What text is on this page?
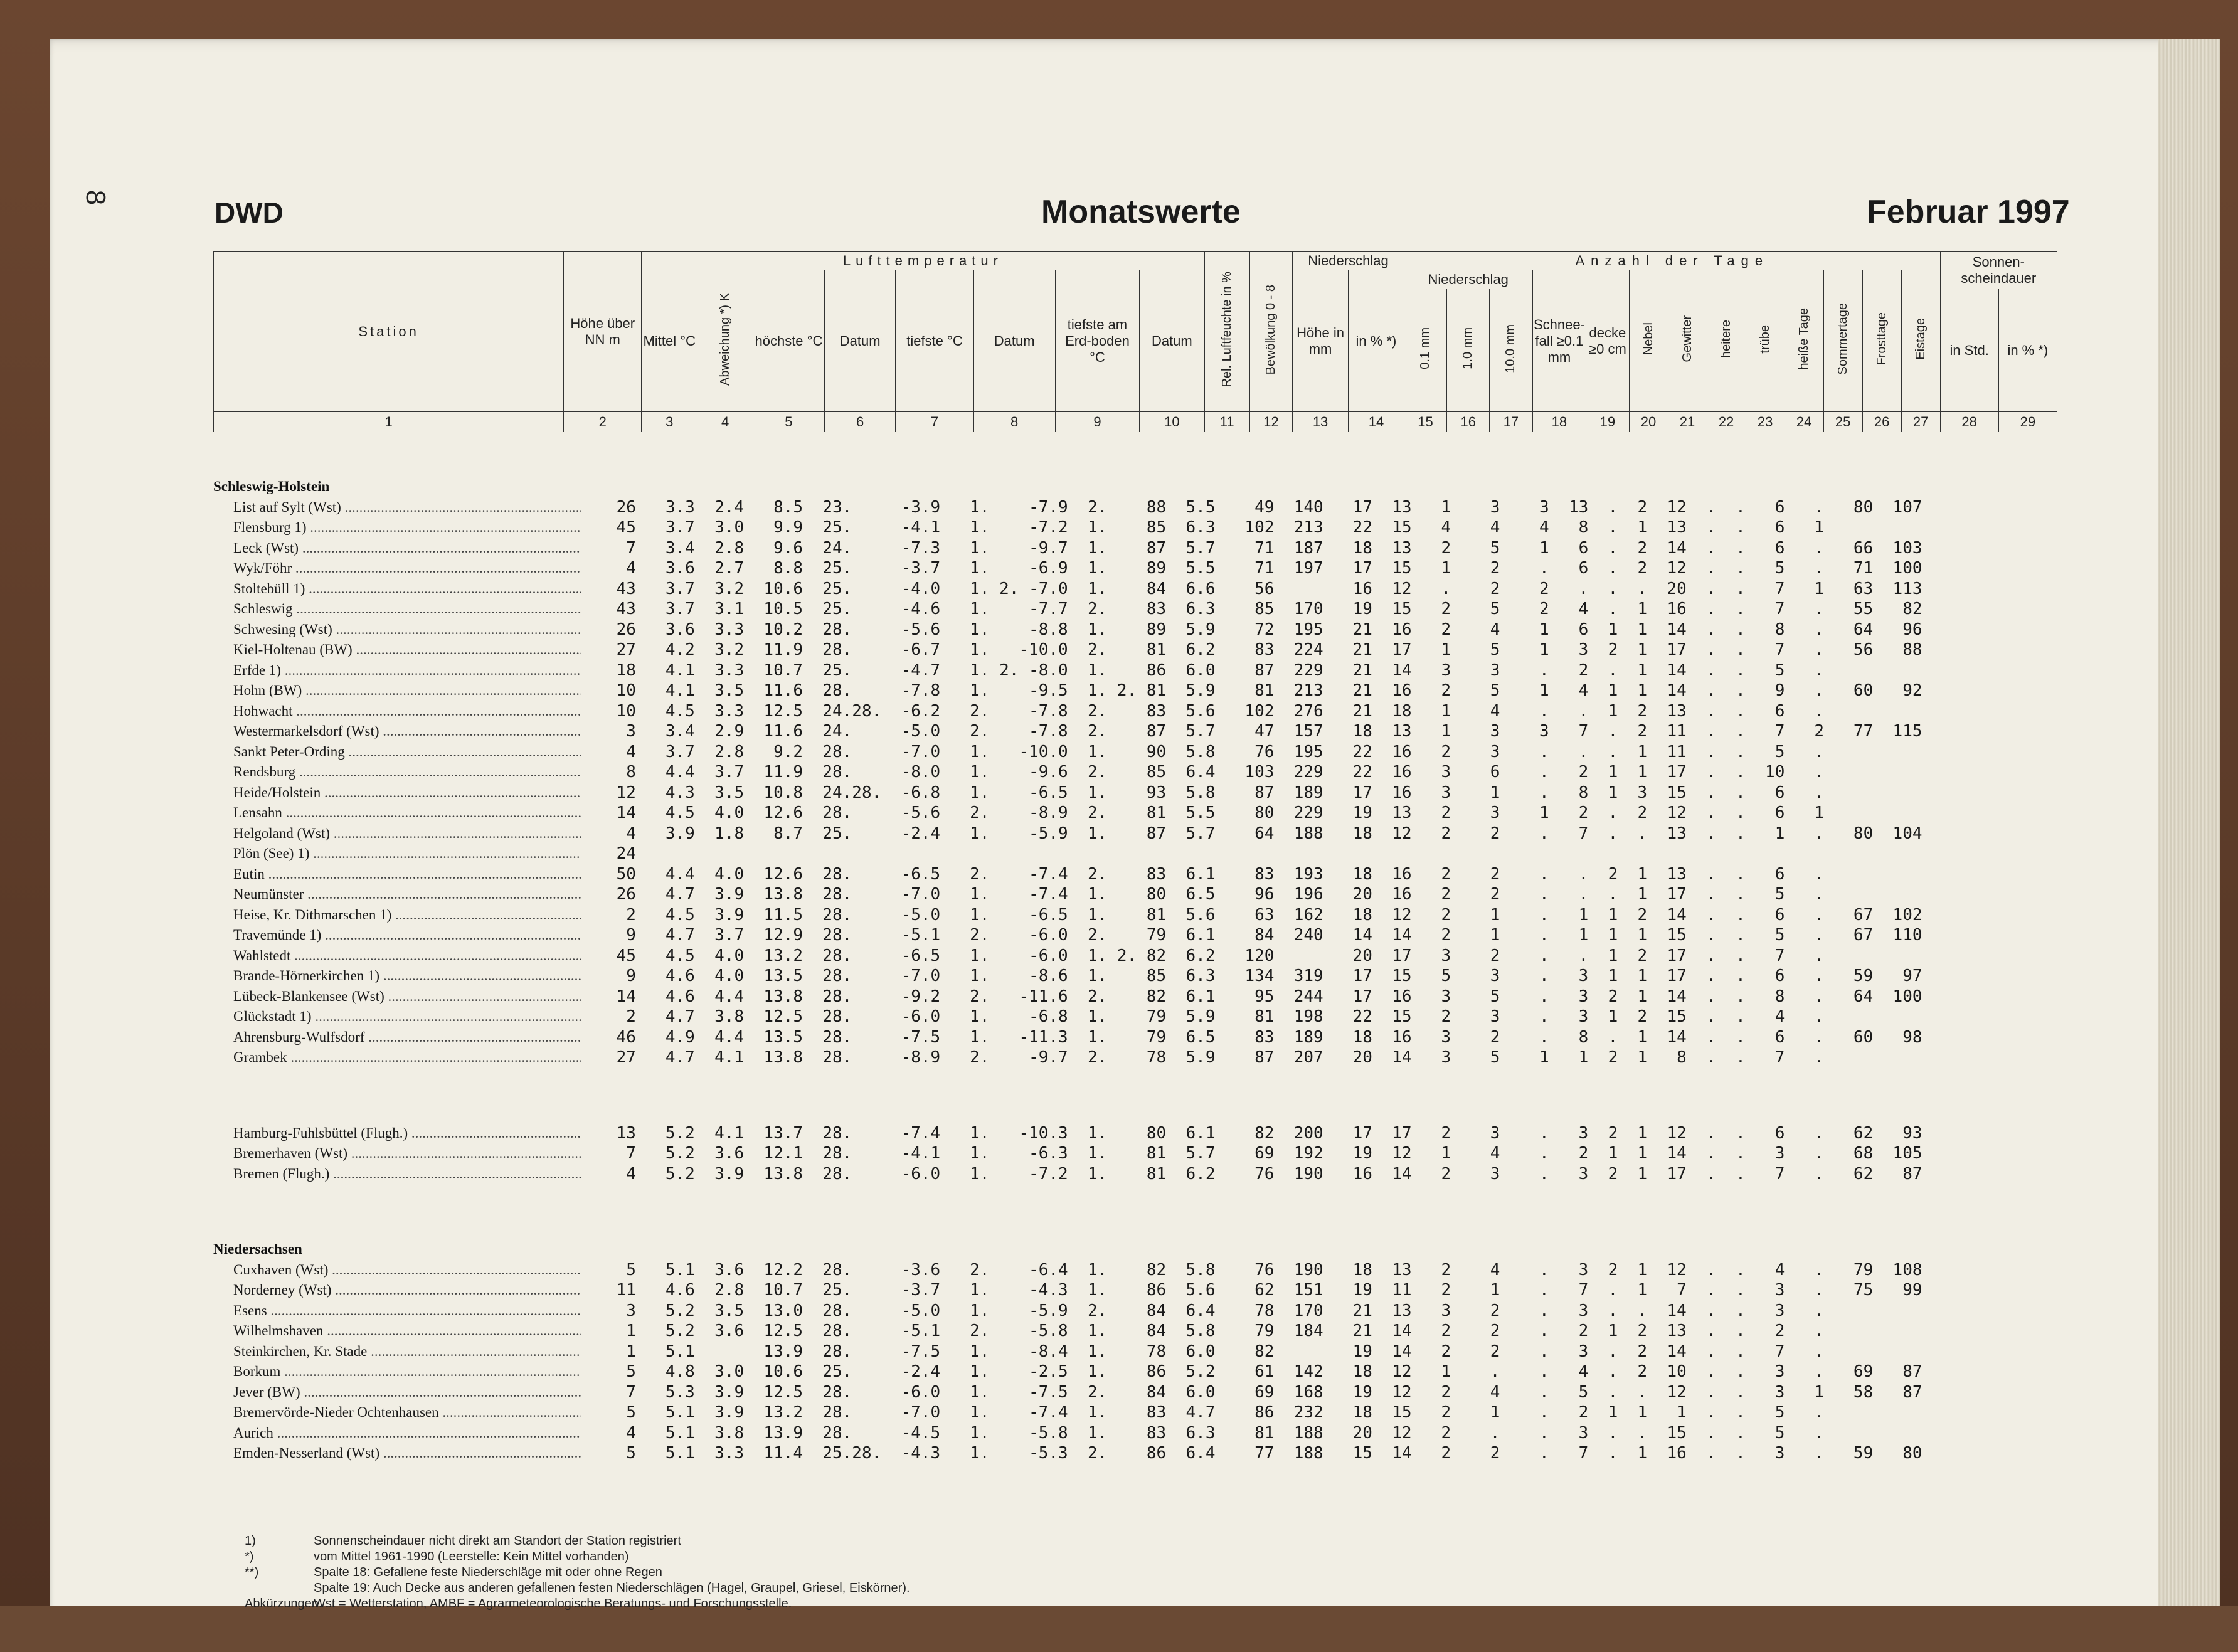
8	DWD	Monatswerte	Februar 1997
Station	Höhe über NN m	Lufttemperatur								Rel. Luftfeuchte in %	Bewölkung 0 - 8	Niederschlag		Anzahl der Tage													Sonnen-scheindauer	
		Mittel °C	Abweichung *) K	höchste °C	Datum	tiefste °C	Datum	tiefste am Erd-boden °C	Datum			Höhe in mm	in % *)	Niederschlag			Schnee-fall ≥0.1 mm	decke ≥0 cm	Nebel	Gewitter	heitere	trübe	heiße Tage	Sommertage	Frosttage	Eistage		
														0.1 mm	1.0 mm	10.0 mm											in Std.	in % *)
1	2	3	4	5	6	7	8	9	10	11	12	13	14	15	16	17	18	19	20	21	22	23	24	25	26	27	28	29
Schleswig-Holstein
List auf Sylt (Wst) .....	26   3.3  2.4   8.5  23.     -3.9   1.    -7.9  2.    88  5.5    49  140   17  13   1    3    3  13  .  2  12  .  .   6   .   80  107
Flensburg 1) .....	45   3.7  3.0   9.9  25.     -4.1   1.    -7.2  1.    85  6.3   102  213   22  15   4    4    4   8  .  1  13  .  .   6   1
Leck (Wst) .....	7   3.4  2.8   9.6  24.     -7.3   1.    -9.7  1.    87  5.7    71  187   18  13   2    5    1   6  .  2  14  .  .   6   .   66  103
Wyk/Föhr .....	4   3.6  2.7   8.8  25.     -3.7   1.    -6.9  1.    89  5.5    71  197   17  15   1    2    .   6  .  2  12  .  .   5   .   71  100
Stoltebüll 1) .....	43   3.7  3.2  10.6  25.     -4.0   1. 2. -7.0  1.    84  6.6    56        16  12   .    2    2   .  .  .  20  .  .   7   1   63  113
Schleswig .....	43   3.7  3.1  10.5  25.     -4.6   1.    -7.7  2.    83  6.3    85  170   19  15   2    5    2   4  .  1  16  .  .   7   .   55   82
Schwesing (Wst) .....	26   3.6  3.3  10.2  28.     -5.6   1.    -8.8  1.    89  5.9    72  195   21  16   2    4    1   6  1  1  14  .  .   8   .   64   96
Kiel-Holtenau (BW) .....	27   4.2  3.2  11.9  28.     -6.7   1.   -10.0  2.    81  6.2    83  224   21  17   1    5    1   3  2  1  17  .  .   7   .   56   88
Erfde 1) .....	18   4.1  3.3  10.7  25.     -4.7   1. 2. -8.0  1.    86  6.0    87  229   21  14   3    3    .   2  .  1  14  .  .   5   .
Hohn (BW) .....	10   4.1  3.5  11.6  28.     -7.8   1.    -9.5  1. 2. 81  5.9    81  213   21  16   2    5    1   4  1  1  14  .  .   9   .   60   92
Hohwacht .....	10   4.5  3.3  12.5  24.28.  -6.2   2.    -7.8  2.    83  5.6   102  276   21  18   1    4    .   .  1  2  13  .  .   6   .
Westermarkelsdorf (Wst) .....	3   3.4  2.9  11.6  24.     -5.0   2.    -7.8  2.    87  5.7    47  157   18  13   1    3    3   7  .  2  11  .  .   7   2   77  115
Sankt Peter-Ording .....	4   3.7  2.8   9.2  28.     -7.0   1.   -10.0  1.    90  5.8    76  195   22  16   2    3    .   .  .  1  11  .  .   5   .
Rendsburg .....	8   4.4  3.7  11.9  28.     -8.0   1.    -9.6  2.    85  6.4   103  229   22  16   3    6    .   2  1  1  17  .  .  10   .
Heide/Holstein .....	12   4.3  3.5  10.8  24.28.  -6.8   1.    -6.5  1.    93  5.8    87  189   17  16   3    1    .   8  1  3  15  .  .   6   .
Lensahn .....	14   4.5  4.0  12.6  28.     -5.6   2.    -8.9  2.    81  5.5    80  229   19  13   2    3    1   2  .  2  12  .  .   6   1
Helgoland (Wst) .....	4   3.9  1.8   8.7  25.     -2.4   1.    -5.9  1.    87  5.7    64  188   18  12   2    2    .   7  .  .  13  .  .   1   .   80  104
Plön (See) 1) .....	24
Eutin .....	50   4.4  4.0  12.6  28.     -6.5   2.    -7.4  2.    83  6.1    83  193   18  16   2    2    .   .  2  1  13  .  .   6   .
Neumünster .....	26   4.7  3.9  13.8  28.     -7.0   1.    -7.4  1.    80  6.5    96  196   20  16   2    2    .   .  .  1  17  .  .   5   .
Heise, Kr. Dithmarschen 1) .....	2   4.5  3.9  11.5  28.     -5.0   1.    -6.5  1.    81  5.6    63  162   18  12   2    1    .   1  1  2  14  .  .   6   .   67  102
Travemünde 1) .....	9   4.7  3.7  12.9  28.     -5.1   2.    -6.0  2.    79  6.1    84  240   14  14   2    1    .   1  1  1  15  .  .   5   .   67  110
Wahlstedt .....	45   4.5  4.0  13.2  28.     -6.5   1.    -6.0  1. 2. 82  6.2   120        20  17   3    2    .   .  1  2  17  .  .   7   .
Brande-Hörnerkirchen 1) .....	9   4.6  4.0  13.5  28.     -7.0   1.    -8.6  1.    85  6.3   134  319   17  15   5    3    .   3  1  1  17  .  .   6   .   59   97
Lübeck-Blankensee (Wst) .....	14   4.6  4.4  13.8  28.     -9.2   2.   -11.6  2.    82  6.1    95  244   17  16   3    5    .   3  2  1  14  .  .   8   .   64  100
Glückstadt 1) .....	2   4.7  3.8  12.5  28.     -6.0   1.    -6.8  1.    79  5.9    81  198   22  15   2    3    .   3  1  2  15  .  .   4   .
Ahrensburg-Wulfsdorf .....	46   4.9  4.4  13.5  28.     -7.5   1.   -11.3  1.    79  6.5    83  189   18  16   3    2    .   8  .  1  14  .  .   6   .   60   98
Grambek .....	27   4.7  4.1  13.8  28.     -8.9   2.    -9.7  2.    78  5.9    87  207   20  14   3    5    1   1  2  1   8  .  .   7   .
Hamburg-Fuhlsbüttel (Flugh.) .....	13   5.2  4.1  13.7  28.     -7.4   1.   -10.3  1.    80  6.1    82  200   17  17   2    3    .   3  2  1  12  .  .   6   .   62   93
Bremerhaven (Wst) .....	7   5.2  3.6  12.1  28.     -4.1   1.    -6.3  1.    81  5.7    69  192   19  12   1    4    .   2  1  1  14  .  .   3   .   68  105
Bremen (Flugh.) .....	4   5.2  3.9  13.8  28.     -6.0   1.    -7.2  1.    81  6.2    76  190   16  14   2    3    .   3  2  1  17  .  .   7   .   62   87
Niedersachsen
Cuxhaven (Wst) .....	5   5.1  3.6  12.2  28.     -3.6   2.    -6.4  1.    82  5.8    76  190   18  13   2    4    .   3  2  1  12  .  .   4   .   79  108
Norderney (Wst) .....	11   4.6  2.8  10.7  25.     -3.7   1.    -4.3  1.    86  5.6    62  151   19  11   2    1    .   7  .  1   7  .  .   3   .   75   99
Esens .....	3   5.2  3.5  13.0  28.     -5.0   1.    -5.9  2.    84  6.4    78  170   21  13   3    2    .   3  .  .  14  .  .   3   .
Wilhelmshaven .....	1   5.2  3.6  12.5  28.     -5.1   2.    -5.8  1.    84  5.8    79  184   21  14   2    2    .   2  1  2  13  .  .   2   .
Steinkirchen, Kr. Stade .....	1   5.1       13.9  28.     -7.5   1.    -8.4  1.    78  6.0    82        19  14   2    2    .   3  .  2  14  .  .   7   .
Borkum .....	5   4.8  3.0  10.6  25.     -2.4   1.    -2.5  1.    86  5.2    61  142   18  12   1    .    .   4  .  2  10  .  .   3   .   69   87
Jever (BW) .....	7   5.3  3.9  12.5  28.     -6.0   1.    -7.5  2.    84  6.0    69  168   19  12   2    4    .   5  .  .  12  .  .   3   1   58   87
Bremervörde-Nieder Ochtenhausen .....	5   5.1  3.9  13.2  28.     -7.0   1.    -7.4  1.    83  4.7    86  232   18  15   2    1    .   2  1  1   1  .  .   5   .
Aurich .....	4   5.1  3.8  13.9  28.     -4.5   1.    -5.8  1.    83  6.3    81  188   20  12   2    .    .   3  .  .  15  .  .   5   .
Emden-Nesserland (Wst) .....	5   5.1  3.3  11.4  25.28.  -4.3   1.    -5.3  2.    86  6.4    77  188   15  14   2    2    .   7  .  1  16  .  .   3   .   59   80
1)	Sonnenscheindauer nicht direkt am Standort der Station registriert
*)	vom Mittel 1961-1990 (Leerstelle: Kein Mittel vorhanden)
**)	Spalte 18: Gefallene feste Niederschläge mit oder ohne Regen
Spalte 19: Auch Decke aus anderen gefallenen festen Niederschlägen (Hagel, Graupel, Griesel, Eiskörner).
Abkürzungen:Wst = Wetterstation, AMBF = Agrarmeteorologische Beratungs- und Forschungsstelle.
